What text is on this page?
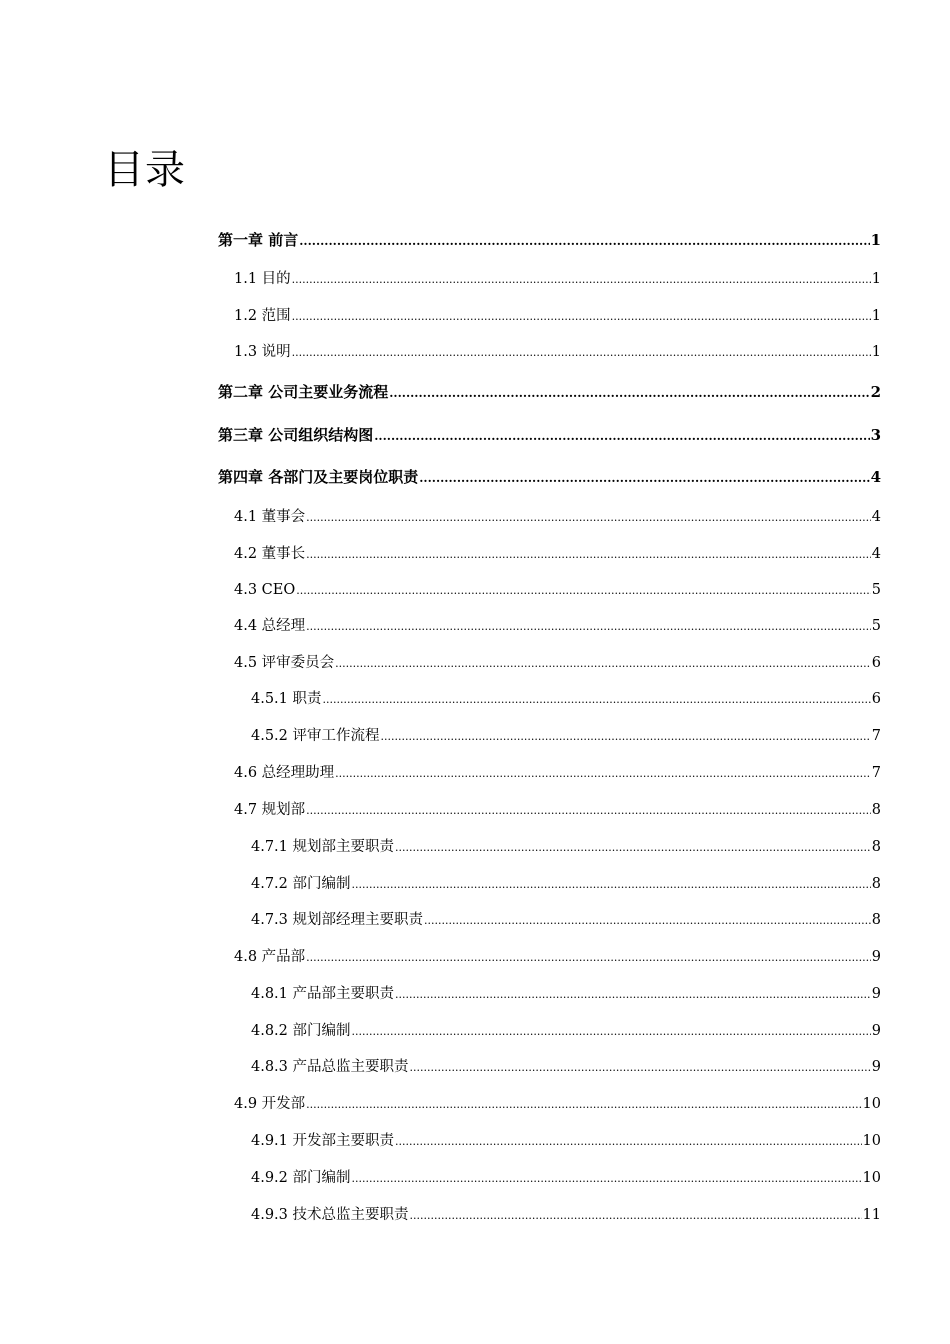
目录
第一章 前言 .....	1
1.1 目的 .....	1
1.2 范围 .....	1
1.3 说明 .....	1
第二章 公司主要业务流程 .....	2
第三章 公司组织结构图 .....	3
第四章 各部门及主要岗位职责 .....	4
4.1 董事会 .....	4
4.2 董事长 .....	4
4.3 CEO .....	5
4.4 总经理 .....	5
4.5 评审委员会 .....	6
4.5.1 职责 .....	6
4.5.2 评审工作流程 .....	7
4.6 总经理助理 .....	7
4.7 规划部 .....	8
4.7.1 规划部主要职责 .....	8
4.7.2 部门编制 .....	8
4.7.3 规划部经理主要职责 .....	8
4.8 产品部 .....	9
4.8.1 产品部主要职责 .....	9
4.8.2 部门编制 .....	9
4.8.3 产品总监主要职责 .....	9
4.9 开发部 .....	10
4.9.1 开发部主要职责 .....	10
4.9.2 部门编制 .....	10
4.9.3 技术总监主要职责 .....	11
